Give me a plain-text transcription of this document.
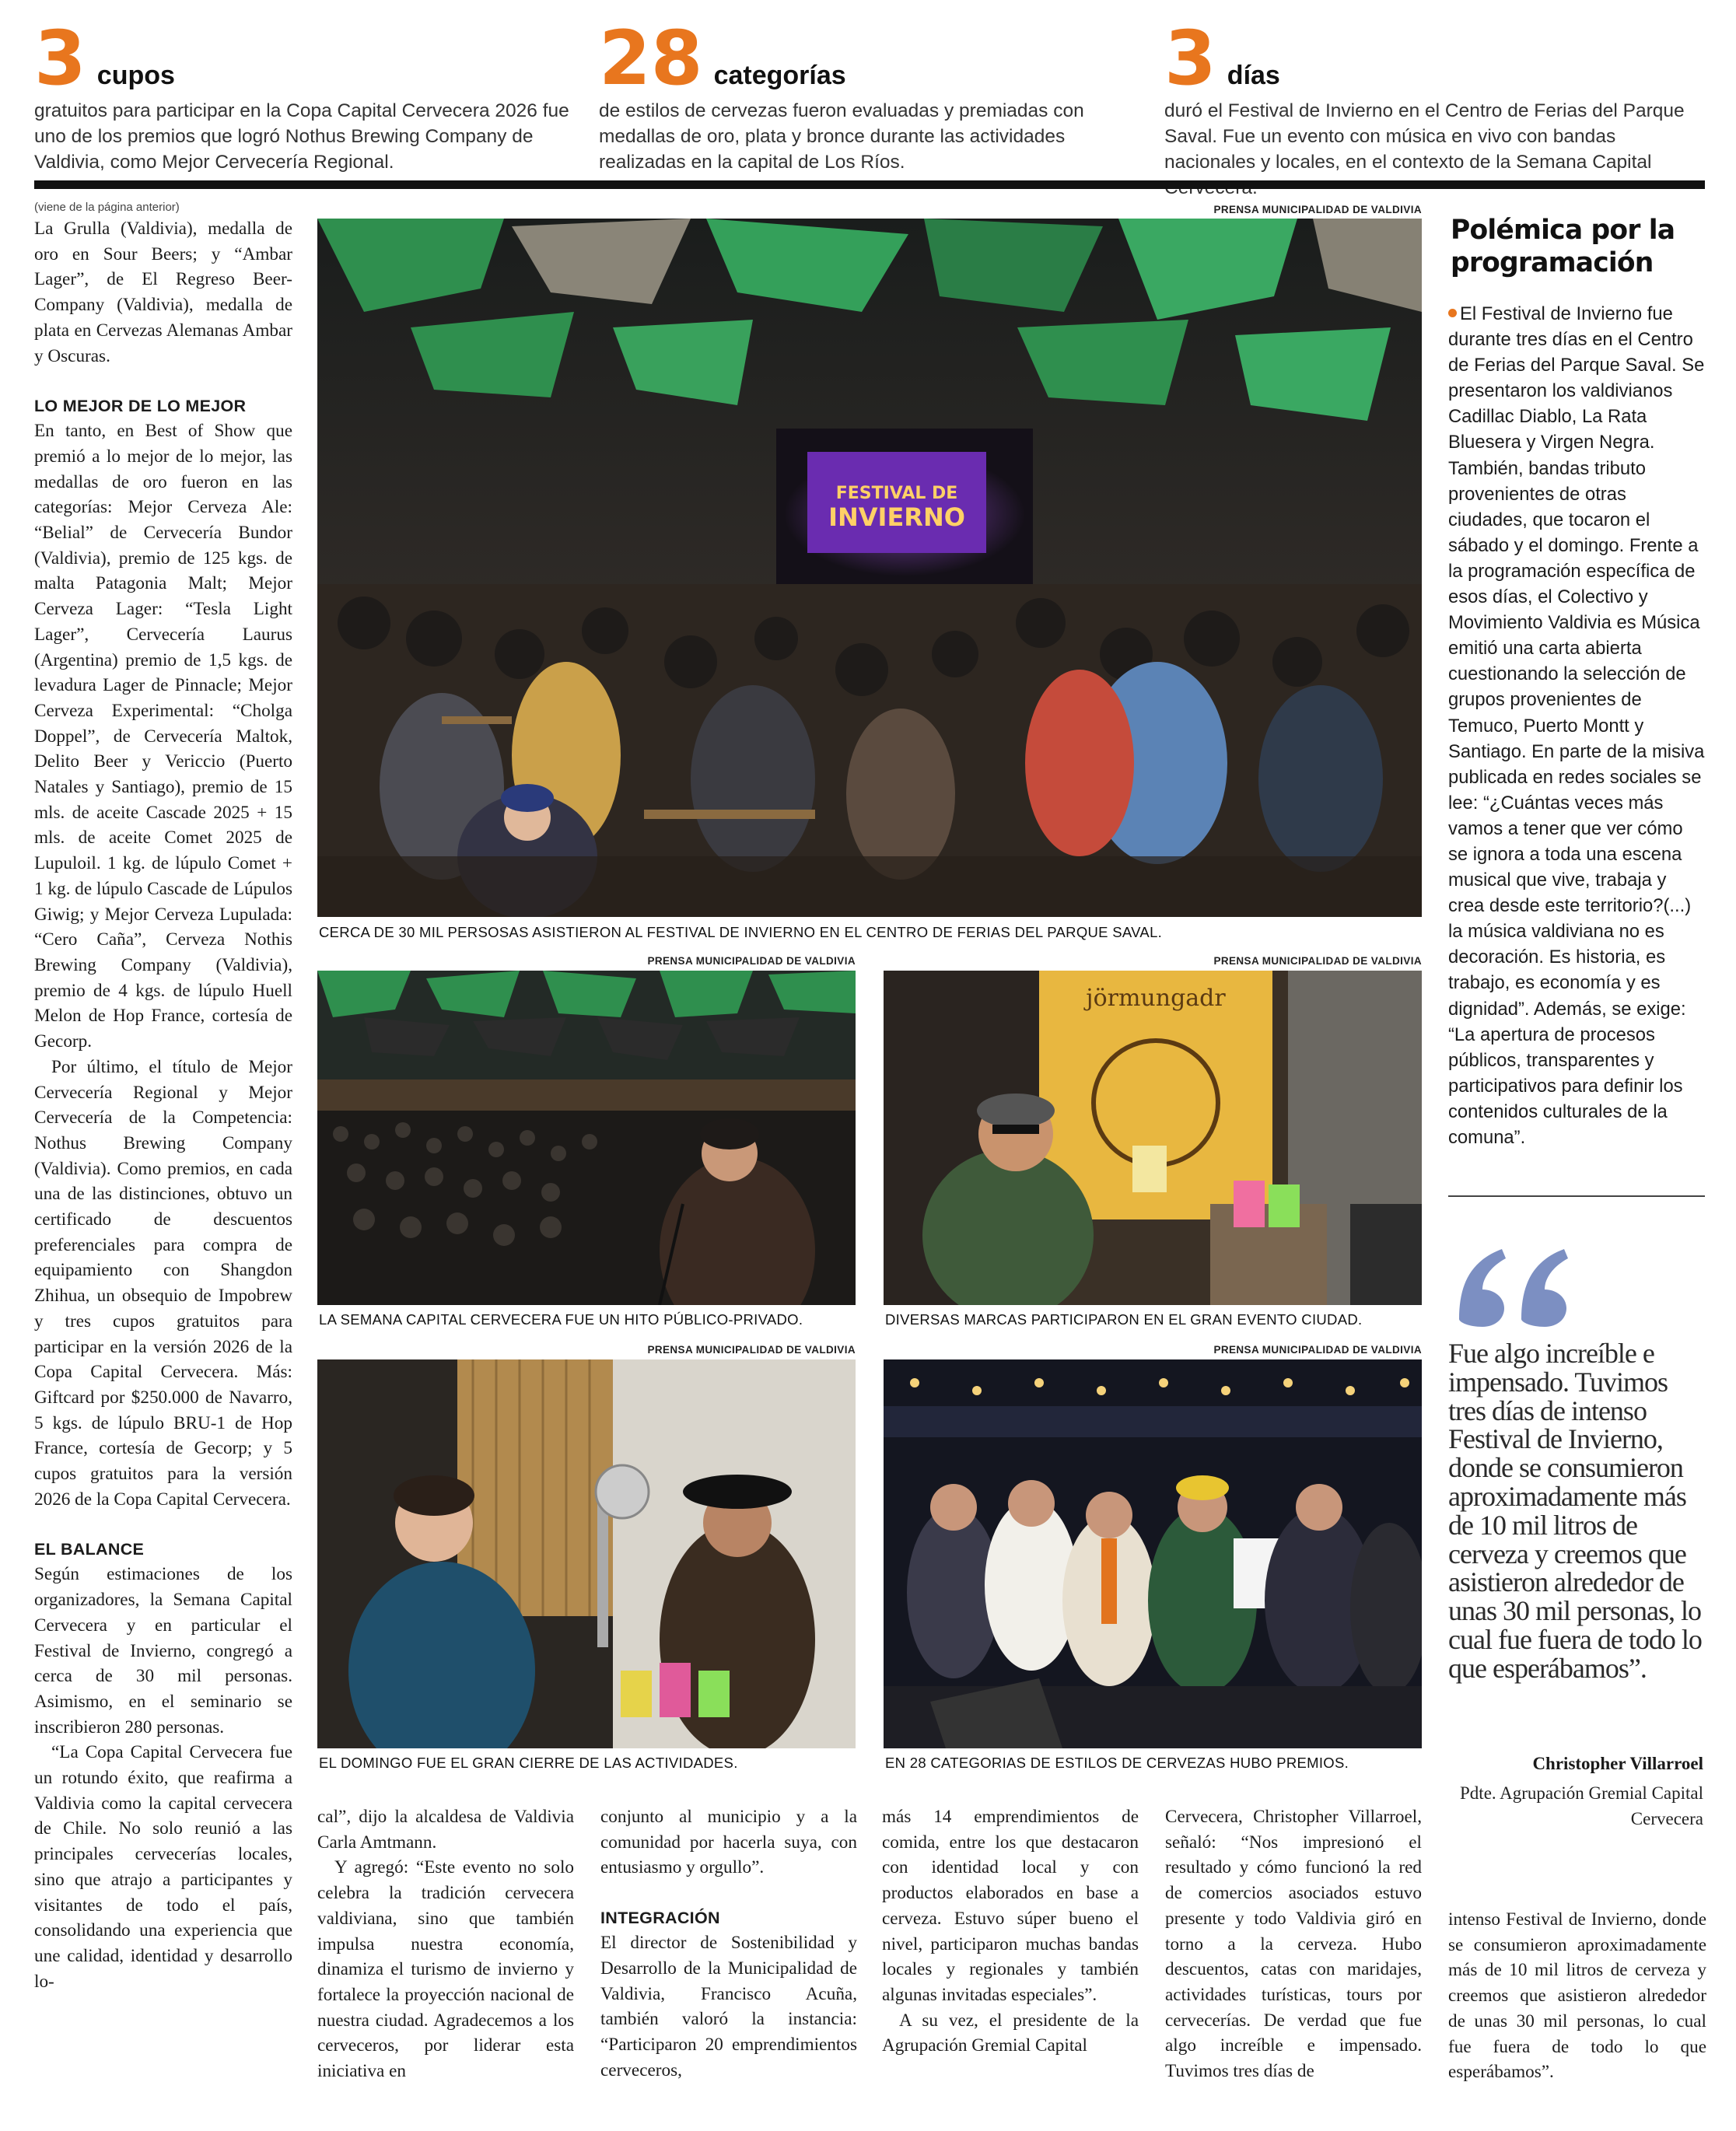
3 cupos
gratuitos para participar en la Copa Capital Cervecera 2026 fue uno de los premios que logró Nothus Brewing Company de Valdivia, como Mejor Cervecería Regional.
28 categorías
de estilos de cervezas fueron evaluadas y premiadas con medallas de oro, plata y bronce durante las actividades realizadas en la capital de Los Ríos.
3 días
duró el Festival de Invierno en el Centro de Ferias del Parque Saval. Fue un evento con música en vivo con bandas nacionales y locales, en el contexto de la Semana Capital
(viene de la página anterior)

La Grulla (Valdivia), medalla de oro en Sour Beers; y “Ambar Lager”, de El Regreso Beer-Company (Valdivia), medalla de plata en Cervezas Alemanas Ambar y Oscuras.

LO MEJOR DE LO MEJOR

En tanto, en Best of Show que premió a lo mejor de lo mejor, las medallas de oro fueron en las categorías: Mejor Cerveza Ale: “Belial” de Cervecería Bundor (Valdivia), premio de 125 kgs. de malta Patagonia Malt; Mejor Cerveza Lager: “Tesla Light Lager”, Cervecería Laurus (Argentina) premio de 1,5 kgs. de levadura Lager de Pinnacle; Mejor Cerveza Experimental: “Cholga Doppel”, de Cervecería Maltok, Delito Beer y Vericcio (Puerto Natales y Santiago), premio de 15 mls. de aceite Cascade 2025 + 15 mls. de aceite Comet 2025 de Lupuloil. 1 kg. de lúpulo Comet + 1 kg. de lúpulo Cascade de Lúpulos Giwig; y Mejor Cerveza Lupulada: “Cero Caña”, Cerveza Nothis Brewing Company (Valdivia), premio de 4 kgs. de lúpulo Huell Melon de Hop France, cortesía de Gecorp.

Por último, el título de Mejor Cervecería Regional y Mejor Cervecería de la Competencia: Nothus Brewing Company (Valdivia). Como premios, en cada una de las distinciones, obtuvo un certificado de descuentos preferenciales para compra de equipamiento con Shangdon Zhihua, un obsequio de Impobrew y tres cupos gratuitos para participar en la versión 2026 de la Copa Capital Cervecera. Más: Giftcard por $250.000 de Navarro, 5 kgs. de lúpulo BRU-1 de Hop France, cortesía de Gecorp; y 5 cupos gratuitos para la versión 2026 de la Copa Capital Cervecera.

EL BALANCE

Según estimaciones de los organizadores, la Semana Capital Cervecera y en particular el Festival de Invierno, congregó a cerca de 30 mil personas. Asimismo, en el seminario se inscribieron 280 personas.

“La Copa Capital Cervecera fue un rotundo éxito, que reafirma a Valdivia como la capital cervecera de Chile. No solo reunió a las principales cervecerías locales, sino que atrajo a participantes y visitantes de todo el país, consolidando una experiencia que une calidad, identidad y desarrollo lo-

cal”, dijo la alcaldesa de Valdivia Carla Amtmann.

Y agregó: “Este evento no solo celebra la tradición cervecera valdiviana, sino que también impulsa nuestra economía, dinamiza el turismo de invierno y fortalece la proyección nacional de nuestra ciudad. Agradecemos a los cerveceros, por liderar esta iniciativa en

conjunto al municipio y a la comunidad por hacerla suya, con entusiasmo y orgullo”.

INTEGRACIÓN

El director de Sostenibilidad y Desarrollo de la Municipalidad de Valdivia, Francisco Acuña, también valoró la instancia: “Participaron 20 emprendimientos cerveceros,

más 14 emprendimientos de comida, entre los que destacaron con identidad local y con productos elaborados en base a cerveza. Estuvo súper bueno el nivel, participaron muchas bandas locales y regionales y también algunas invitadas especiales”.

A su vez, el presidente de la Agrupación Gremial Capital

Cervecera, Christopher Villarroel, señaló: “Nos impresionó el resultado y cómo funcionó la red de comercios asociados estuvo presente y todo Valdivia giró en torno a la cerveza. Hubo descuentos, catas con maridajes, actividades turísticas, tours por cervecerías. De verdad que fue algo increíble e impensado. Tuvimos tres días de

intenso Festival de Invierno, donde se consumieron aproximadamente más de 10 mil litros de cerveza y creemos que asistieron alrededor de unas 30 mil personas, lo cual fue fuera de todo lo que esperábamos”.

PRENSA MUNICIPALIDAD DE VALDIVIA
FESTIVAL DE
INVIERNO
CERCA DE 30 MIL PERSOSAS ASISTIERON AL FESTIVAL DE INVIERNO EN EL CENTRO DE FERIAS DEL PARQUE SAVAL.
PRENSA MUNICIPALIDAD DE VALDIVIA
LA SEMANA CAPITAL CERVECERA FUE UN HITO PÚBLICO-PRIVADO.
PRENSA MUNICIPALIDAD DE VALDIVIA
jörmungadr
DIVERSAS MARCAS PARTICIPARON EN EL GRAN EVENTO CIUDAD.
PRENSA MUNICIPALIDAD DE VALDIVIA
EL DOMINGO FUE EL GRAN CIERRE DE LAS ACTIVIDADES.
PRENSA MUNICIPALIDAD DE VALDIVIA
EN 28 CATEGORIAS DE ESTILOS DE CERVEZAS HUBO PREMIOS.
Polémica por la programación
El Festival de Invierno fue durante tres días en el Centro de Ferias del Parque Saval. Se presentaron los valdivianos Cadillac Diablo, La Rata Bluesera y Virgen Negra. También, bandas tributo provenientes de otras ciudades, que tocaron el sábado y el domingo. Frente a la programación específica de esos días, el Colectivo y Movimiento Valdivia es Música emitió una carta abierta cuestionando la selección de grupos provenientes de Temuco, Puerto Montt y Santiago. En parte de la misiva publicada en redes sociales se lee: “¿Cuántas veces más vamos a tener que ver cómo se ignora a toda una escena musical que vive, trabaja y crea desde este territorio?(...) la música valdiviana no es decoración. Es historia, es trabajo, es economía y es dignidad”. Además, se exige: “La apertura de procesos públicos, transparentes y participativos para definir los contenidos culturales de la comuna”.
Fue algo increíble e impensado. Tuvimos tres días de intenso Festival de Invierno, donde se consumieron aproximadamente más de 10 mil litros de cerveza y creemos que asistieron alrededor de unas 30 mil personas, lo cual fue fuera de todo lo que esperábamos”.
Christopher Villarroel
Pdte. Agrupación Gremial Capital Cervecera
